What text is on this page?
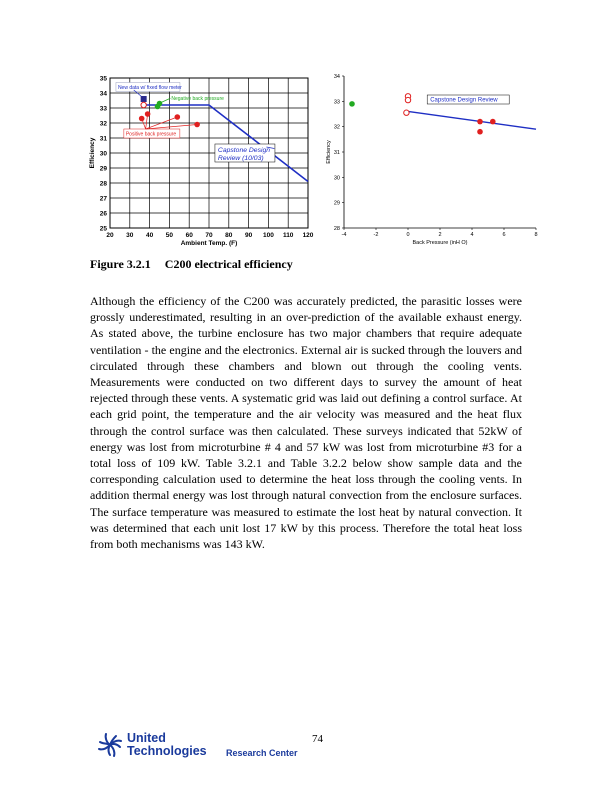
20 30 40 50 60 70 80 90 100 110 120
25
26
27
28
29
30
31
32
33
34
35
Ambient Temp. (F)
Efficiency
New data w/ fixed flow meter
Negative back pressure
Positive back pressure
Capstone Design
Review (10/03)
-4	-2	0	2	4	6	8
28
29
30
31
32
33
34
Back Pressure (inH O)
Efficiency
Capstone Design Review
Figure 3.2.1 C200 electrical efficiency

Although the efficiency of the C200 was accurately predicted, the parasitic losses were grossly underestimated, resulting in an over-prediction of the available exhaust energy. As stated above, the turbine enclosure has two major chambers that require adequate ventilation - the engine and the electronics. External air is sucked through the louvers and circulated through these chambers and blown out through the cooling vents. Measurements were conducted on two different days to survey the amount of heat rejected through these vents. A systematic grid was laid out defining a control surface. At each grid point, the temperature and the air velocity was measured and the heat flux through the control surface was then calculated. These surveys indicated that 52kW of energy was lost from microturbine # 4 and 57 kW was lost from microturbine #3 for a total loss of 109 kW. Table 3.2.1 and Table 3.2.2 below show sample data and the corresponding calculation used to determine the heat loss through the cooling vents. In addition thermal energy was lost through natural convection from the enclosure surfaces. The surface temperature was measured to estimate the lost heat by natural convection. It was determined that each unit lost 17 kW by this process. Therefore the total heat loss from both mechanisms was 143 kW.

74
United
Technologies Research Center
